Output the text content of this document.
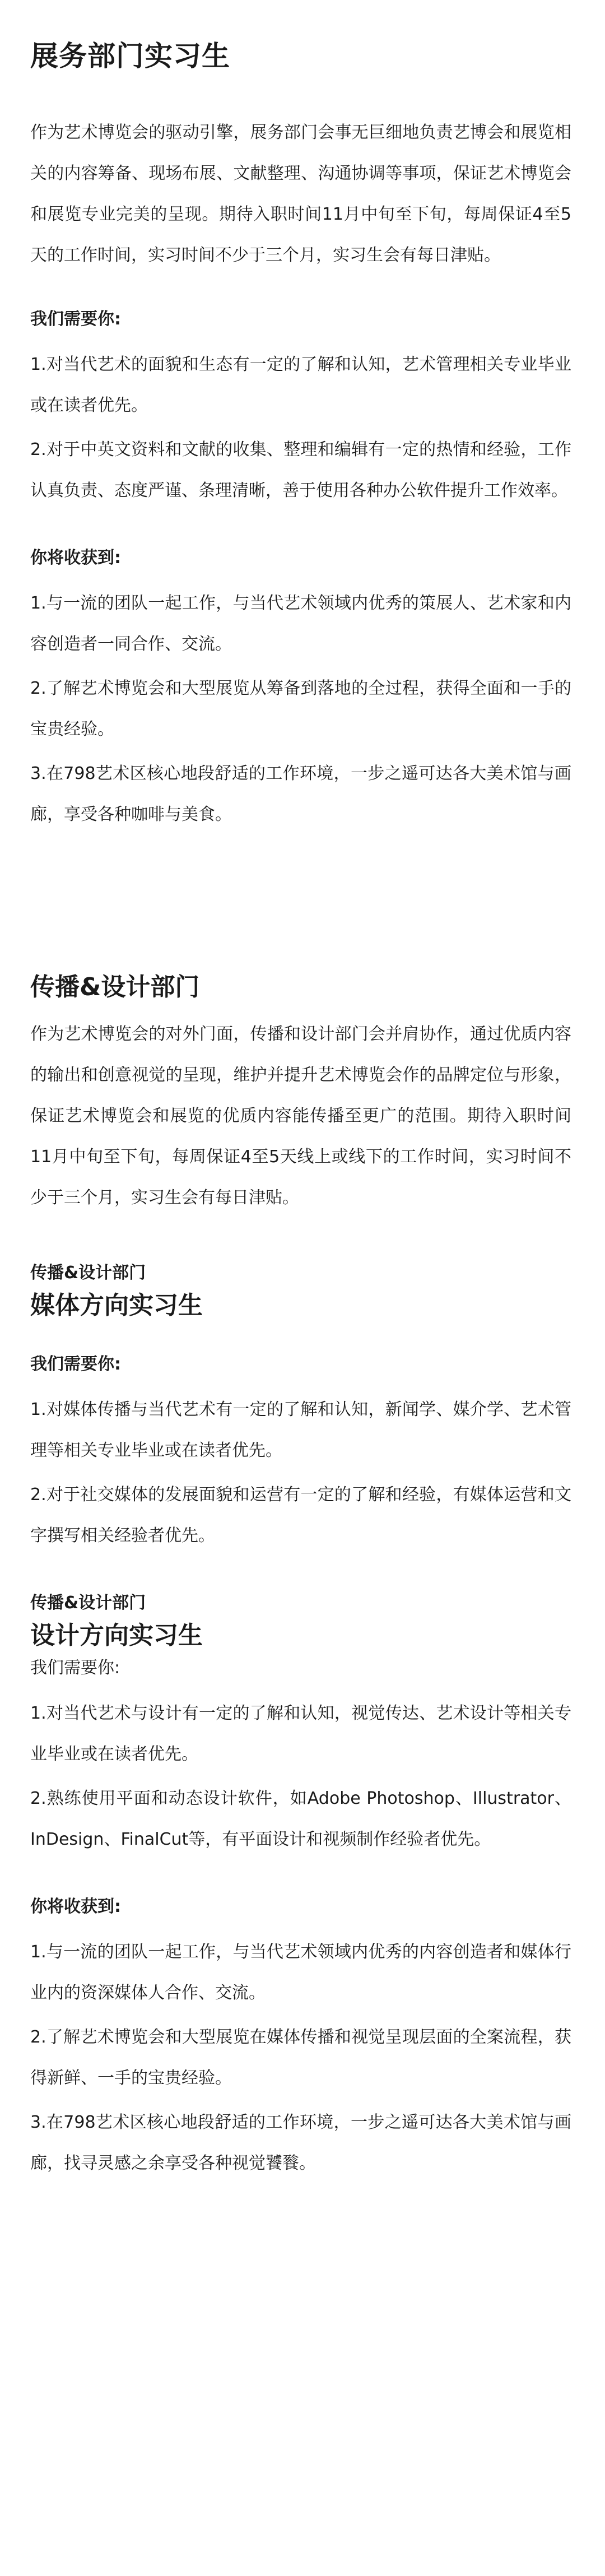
展务部门实习生

作为艺术博览会的驱动引擎，展务部门会事无巨细地负责艺博会和展览相关的内容筹备、现场布展、文献整理、沟通协调等事项，保证艺术博览会和展览专业完美的呈现。期待入职时间11月中旬至下旬，每周保证4至5天的工作时间，实习时间不少于三个月，实习生会有每日津贴。

我们需要你:
1.对当代艺术的面貌和生态有一定的了解和认知，艺术管理相关专业毕业或在读者优先。
2.对于中英文资料和文献的收集、整理和编辑有一定的热情和经验，工作认真负责、态度严谨、条理清晰，善于使用各种办公软件提升工作效率。
你将收获到:
1.与一流的团队一起工作，与当代艺术领域内优秀的策展人、艺术家和内容创造者一同合作、交流。
2.了解艺术博览会和大型展览从筹备到落地的全过程，获得全面和一手的宝贵经验。
3.在798艺术区核心地段舒适的工作环境，一步之遥可达各大美术馆与画廊，享受各种咖啡与美食。
传播&设计部门

作为艺术博览会的对外门面，传播和设计部门会并肩协作，通过优质内容的输出和创意视觉的呈现，维护并提升艺术博览会作的品牌定位与形象，保证艺术博览会和展览的优质内容能传播至更广的范围。期待入职时间11月中旬至下旬，每周保证4至5天线上或线下的工作时间，实习时间不少于三个月，实习生会有每日津贴。

传播&设计部门
媒体方向实习生
我们需要你:
1.对媒体传播与当代艺术有一定的了解和认知，新闻学、媒介学、艺术管理等相关专业毕业或在读者优先。
2.对于社交媒体的发展面貌和运营有一定的了解和经验，有媒体运营和文字撰写相关经验者优先。
传播&设计部门
设计方向实习生
我们需要你:
1.对当代艺术与设计有一定的了解和认知，视觉传达、艺术设计等相关专业毕业或在读者优先。
2.熟练使用平面和动态设计软件，如Adobe Photoshop、Illustrator、InDesign、FinalCut等，有平面设计和视频制作经验者优先。
你将收获到:
1.与一流的团队一起工作，与当代艺术领域内优秀的内容创造者和媒体行业内的资深媒体人合作、交流。
2.了解艺术博览会和大型展览在媒体传播和视觉呈现层面的全案流程，获得新鲜、一手的宝贵经验。
3.在798艺术区核心地段舒适的工作环境，一步之遥可达各大美术馆与画廊，找寻灵感之余享受各种视觉饕餮。
